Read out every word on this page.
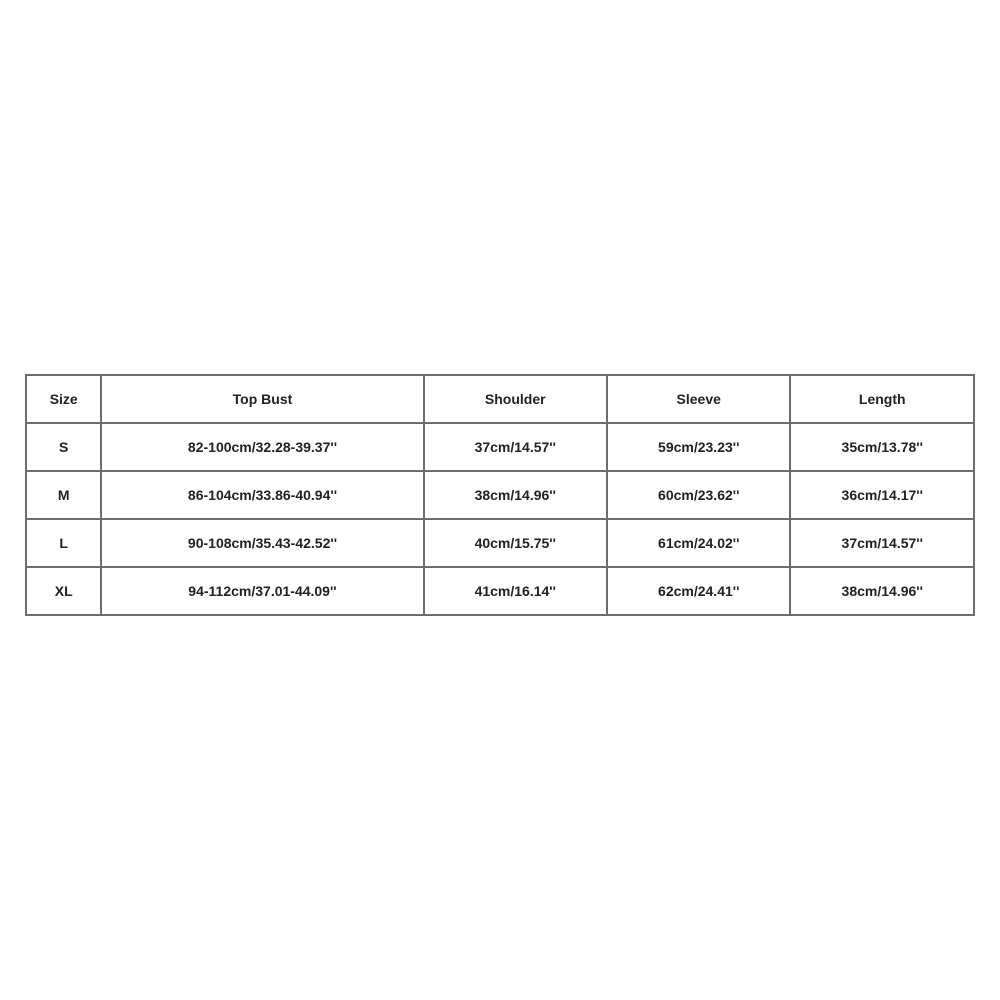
Size	Top Bust	Shoulder	Sleeve	Length
S	82-100cm/32.28-39.37''	37cm/14.57''	59cm/23.23''	35cm/13.78''
M	86-104cm/33.86-40.94''	38cm/14.96''	60cm/23.62''	36cm/14.17''
L	90-108cm/35.43-42.52''	40cm/15.75''	61cm/24.02''	37cm/14.57''
XL	94-112cm/37.01-44.09''	41cm/16.14''	62cm/24.41''	38cm/14.96''
